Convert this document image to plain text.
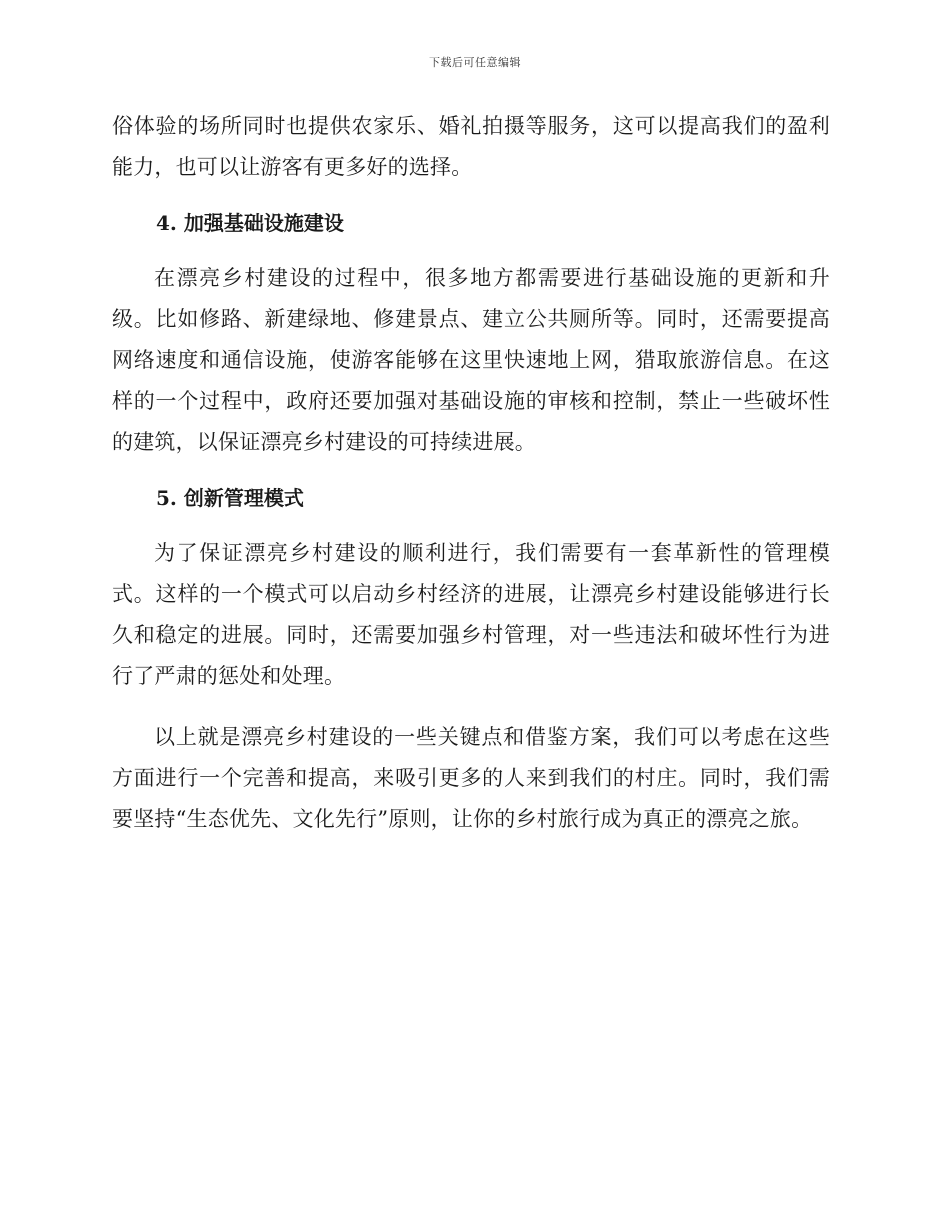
下载后可任意编辑

俗体验的场所同时也提供农家乐、婚礼拍摄等服务，这可以提高我们的盈利能力，也可以让游客有更多好的选择。

4. 加强基础设施建设

在漂亮乡村建设的过程中，很多地方都需要进行基础设施的更新和升级。比如修路、新建绿地、修建景点、建立公共厕所等。同时，还需要提高网络速度和通信设施，使游客能够在这里快速地上网，猎取旅游信息。在这样的一个过程中，政府还要加强对基础设施的审核和控制，禁止一些破坏性的建筑，以保证漂亮乡村建设的可持续进展。

5. 创新管理模式

为了保证漂亮乡村建设的顺利进行，我们需要有一套革新性的管理模式。这样的一个模式可以启动乡村经济的进展，让漂亮乡村建设能够进行长久和稳定的进展。同时，还需要加强乡村管理，对一些违法和破坏性行为进行了严肃的惩处和处理。

以上就是漂亮乡村建设的一些关键点和借鉴方案，我们可以考虑在这些方面进行一个完善和提高，来吸引更多的人来到我们的村庄。同时，我们需要坚持“生态优先、文化先行”原则，让你的乡村旅行成为真正的漂亮之旅。
